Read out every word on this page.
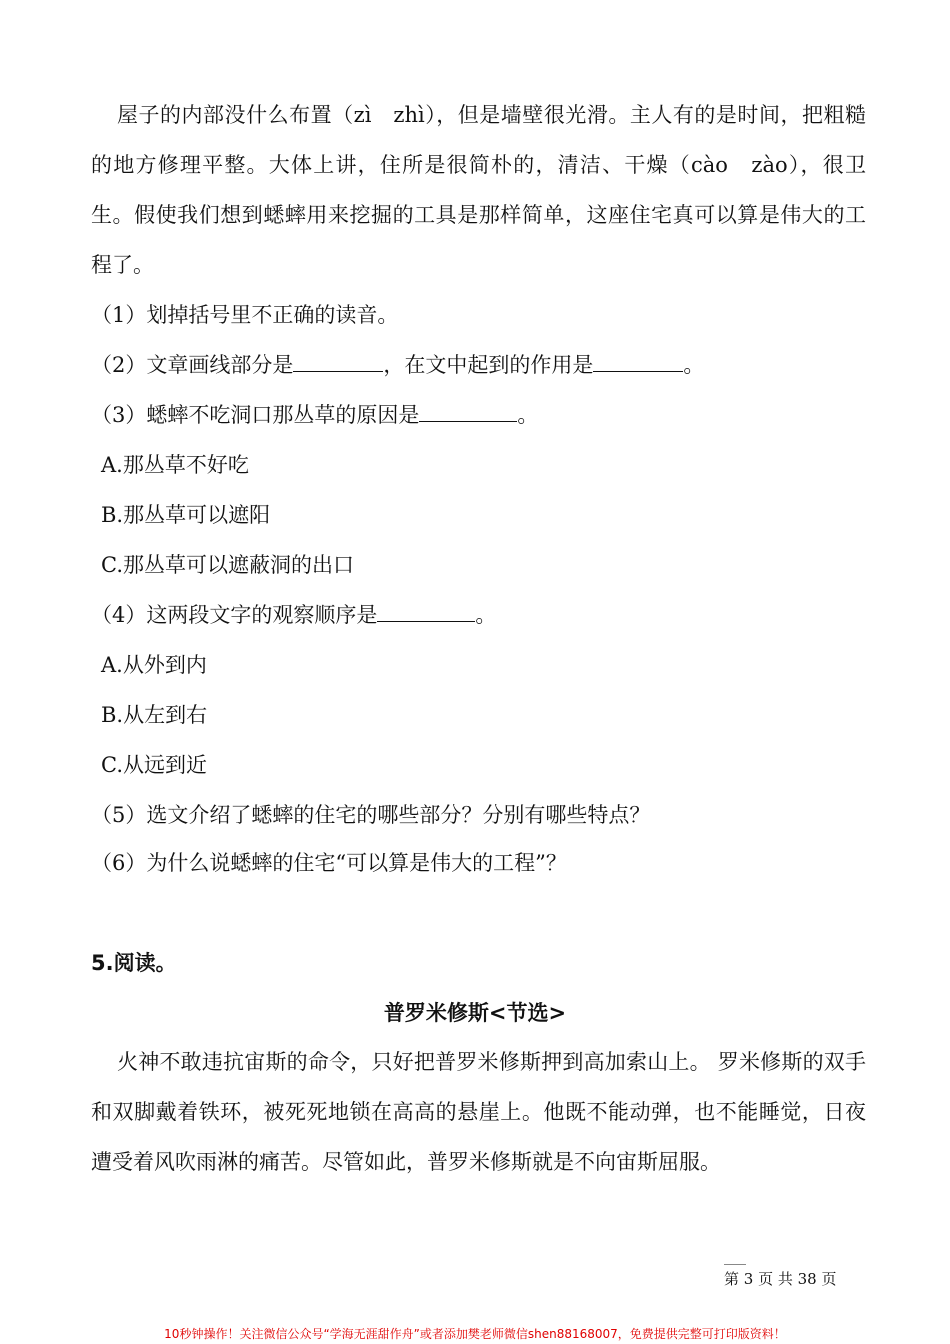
屋子的内部没什么布置（zì　zhì），但是墙壁很光滑。主人有的是时间，把粗糙的地方修理平整。大体上讲，住所是很简朴的，清洁、干燥（cào　zào），很卫生。假使我们想到蟋蟀用来挖掘的工具是那样简单，这座住宅真可以算是伟大的工程了。
（1）划掉括号里不正确的读音。
（2）文章画线部分是	，在文中起到的作用是	。
（3）蟋蟀不吃洞口那丛草的原因是	。
A.那丛草不好吃
B.那丛草可以遮阳
C.那丛草可以遮蔽洞的出口
（4）这两段文字的观察顺序是	。
A.从外到内
B.从左到右
C.从远到近
（5）选文介绍了蟋蟀的住宅的哪些部分？分别有哪些特点？
（6）为什么说蟋蟀的住宅“可以算是伟大的工程”？
5.阅读。
普罗米修斯<节选>
火神不敢违抗宙斯的命令，只好把普罗米修斯押到高加索山上。 罗米修斯的双手和双脚戴着铁环，被死死地锁在高高的悬崖上。他既不能动弹，也不能睡觉，日夜遭受着风吹雨淋的痛苦。尽管如此，普罗米修斯就是不向宙斯屈服。
第 3 页 共 38 页
10秒钟操作！关注微信公众号“学海无涯甜作舟”或者添加樊老师微信shen88168007，免费提供完整可打印版资料！
